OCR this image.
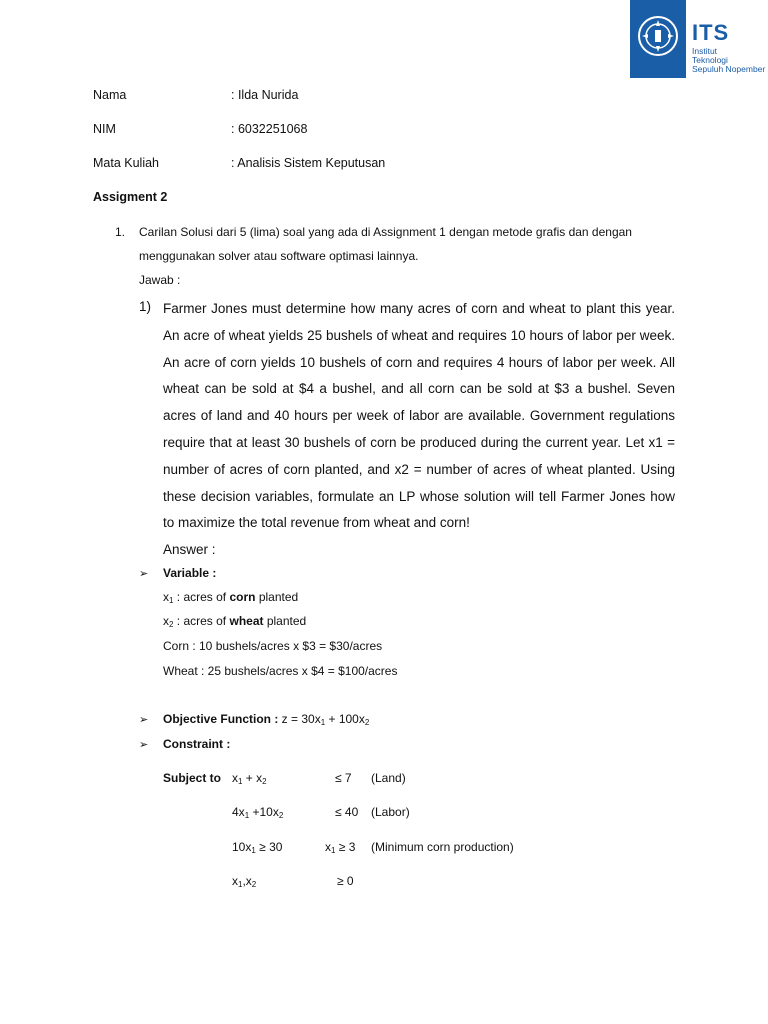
ITS
Institut
Teknologi
Sepuluh Nopember
Nama	: Ilda Nurida
NIM	: 6032251068
Mata Kuliah	: Analisis Sistem Keputusan
Assigment 2
1. Carilan Solusi dari 5 (lima) soal yang ada di Assignment 1 dengan metode grafis dan dengan
menggunakan solver atau software optimasi lainnya.
Jawab :
1) Farmer Jones must determine how many acres of corn and wheat to plant this year. An acre of wheat yields 25 bushels of wheat and requires 10 hours of labor per week. An acre of corn yields 10 bushels of corn and requires 4 hours of labor per week. All wheat can be sold at $4 a bushel, and all corn can be sold at $3 a bushel. Seven acres of land and 40 hours per week of labor are available. Government regulations require that at least 30 bushels of corn be produced during the current year. Let x1 = number of acres of corn planted, and x2 = number of acres of wheat planted. Using these decision variables, formulate an LP whose solution will tell Farmer Jones how to maximize the total revenue from wheat and corn!
Answer :
➢ Variable :
$x_1$ : acres of corn planted
$x_2$ : acres of wheat planted
Corn : 10 bushels/acres x $3 = $30/acres
Wheat : 25 bushels/acres x $4 = $100/acres
➢ Objective Function : $z = 30x_1 + 100x_2$
➢ Constraint :
Subject to $x_1 + x_2$	≤ 7 (Land)
$4x_1 +10x_2$	≤ 40 (Labor)
$10x_1 \ge 30$	$x_1 \ge 3$ (Minimum corn production)
$x_1,x_2$	≥ 0
